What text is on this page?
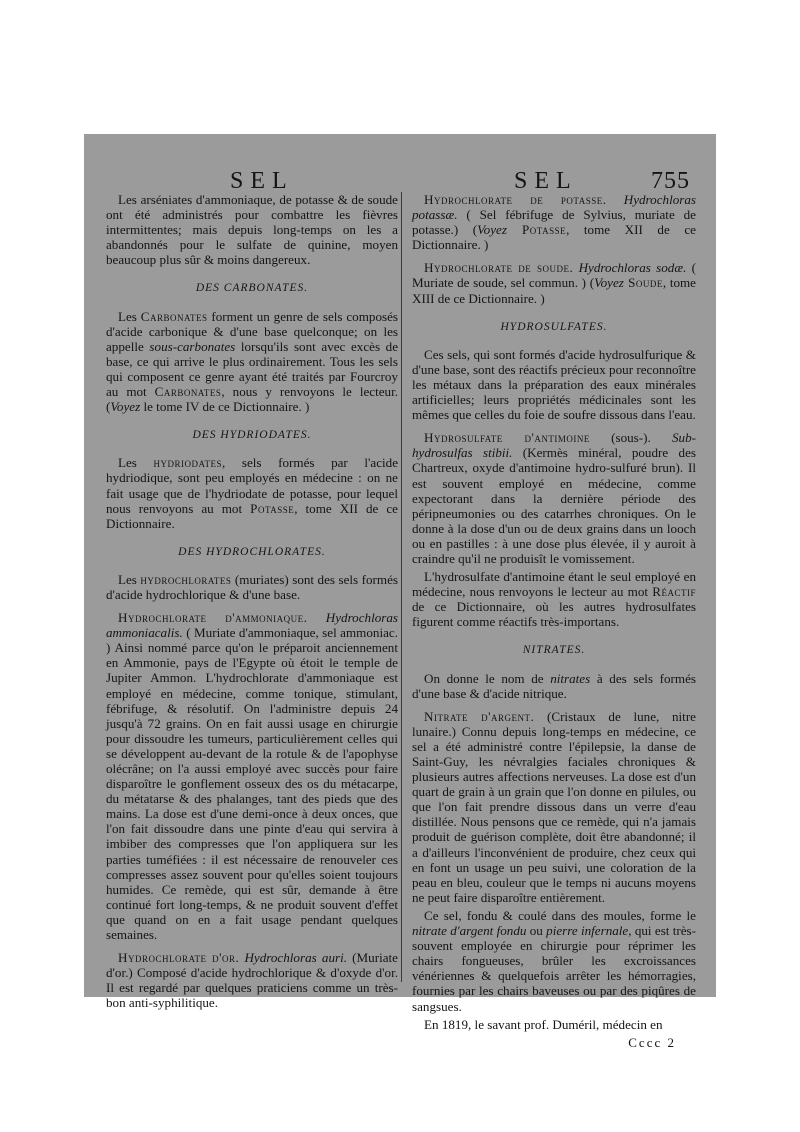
SEL	SEL	755

Les arséniates d'ammoniaque, de potasse & de soude ont été administrés pour combattre les fièvres intermittentes; mais depuis long-temps on les a abandonnés pour le sulfate de quinine, moyen beaucoup plus sûr & moins dangereux.

DES CARBONATES.

Les Carbonates forment un genre de sels composés d'acide carbonique & d'une base quelconque; on les appelle sous-carbonates lorsqu'ils sont avec excès de base, ce qui arrive le plus ordinairement. Tous les sels qui composent ce genre ayant été traités par Fourcroy au mot Carbonates, nous y renvoyons le lecteur. (Voyez le tome IV de ce Dictionnaire. )

DES HYDRIODATES.

Les hydriodates, sels formés par l'acide hydriodique, sont peu employés en médecine : on ne fait usage que de l'hydriodate de potasse, pour lequel nous renvoyons au mot Potasse, tome XII de ce Dictionnaire.

DES HYDROCHLORATES.

Les hydrochlorates (muriates) sont des sels formés d'acide hydrochlorique & d'une base.

Hydrochlorate d'ammoniaque. Hydrochloras ammoniacalis. ( Muriate d'ammoniaque, sel ammoniac. ) Ainsi nommé parce qu'on le préparoit anciennement en Ammonie, pays de l'Egypte où étoit le temple de Jupiter Ammon. L'hydrochlorate d'ammoniaque est employé en médecine, comme tonique, stimulant, fébrifuge, & résolutif. On l'administre depuis 24 jusqu'à 72 grains. On en fait aussi usage en chirurgie pour dissoudre les tumeurs, particulièrement celles qui se développent au-devant de la rotule & de l'apophyse olécrâne; on l'a aussi employé avec succès pour faire disparoître le gonflement osseux des os du métacarpe, du métatarse & des phalanges, tant des pieds que des mains. La dose est d'une demi-once à deux onces, que l'on fait dissoudre dans une pinte d'eau qui servira à imbiber des compresses que l'on appliquera sur les parties tuméfiées : il est nécessaire de renouveler ces compresses assez souvent pour qu'elles soient toujours humides. Ce remède, qui est sûr, demande à être continué fort long-temps, & ne produit souvent d'effet que quand on en a fait usage pendant quelques semaines.

Hydrochlorate d'or. Hydrochloras auri. (Muriate d'or.) Composé d'acide hydrochlorique & d'oxyde d'or. Il est regardé par quelques praticiens comme un très-bon anti-syphilitique.

Hydrochlorate de potasse. Hydrochloras potassæ. ( Sel fébrifuge de Sylvius, muriate de potasse.) (Voyez Potasse, tome XII de ce Dictionnaire. )

Hydrochlorate de soude. Hydrochloras sodæ. ( Muriate de soude, sel commun. ) (Voyez Soude, tome XIII de ce Dictionnaire. )

HYDROSULFATES.

Ces sels, qui sont formés d'acide hydrosulfurique & d'une base, sont des réactifs précieux pour reconnoître les métaux dans la préparation des eaux minérales artificielles; leurs propriétés médicinales sont les mêmes que celles du foie de soufre dissous dans l'eau.

Hydrosulfate d'antimoine (sous-). Sub-hydrosulfas stibii. (Kermès minéral, poudre des Chartreux, oxyde d'antimoine hydro-sulfuré brun). Il est souvent employé en médecine, comme expectorant dans la dernière période des péripneumonies ou des catarrhes chroniques. On le donne à la dose d'un ou de deux grains dans un looch ou en pastilles : à une dose plus élevée, il y auroit à craindre qu'il ne produisît le vomissement.

L'hydrosulfate d'antimoine étant le seul employé en médecine, nous renvoyons le lecteur au mot Réactif de ce Dictionnaire, où les autres hydrosulfates figurent comme réactifs très-importans.

NITRATES.

On donne le nom de nitrates à des sels formés d'une base & d'acide nitrique.

Nitrate d'argent. (Cristaux de lune, nitre lunaire.) Connu depuis long-temps en médecine, ce sel a été administré contre l'épilepsie, la danse de Saint-Guy, les névralgies faciales chroniques & plusieurs autres affections nerveuses. La dose est d'un quart de grain à un grain que l'on donne en pilules, ou que l'on fait prendre dissous dans un verre d'eau distillée. Nous pensons que ce remède, qui n'a jamais produit de guérison complète, doit être abandonné; il a d'ailleurs l'inconvénient de produire, chez ceux qui en font un usage un peu suivi, une coloration de la peau en bleu, couleur que le temps ni aucuns moyens ne peut faire disparoître entièrement.

Ce sel, fondu & coulé dans des moules, forme le nitrate d'argent fondu ou pierre infernale, qui est très-souvent employée en chirurgie pour réprimer les chairs fongueuses, brûler les excroissances vénériennes & quelquefois arrêter les hémorragies, fournies par les chairs baveuses ou par des piqûres de sangsues.

En 1819, le savant prof. Duméril, médecin en

Cccc 2
